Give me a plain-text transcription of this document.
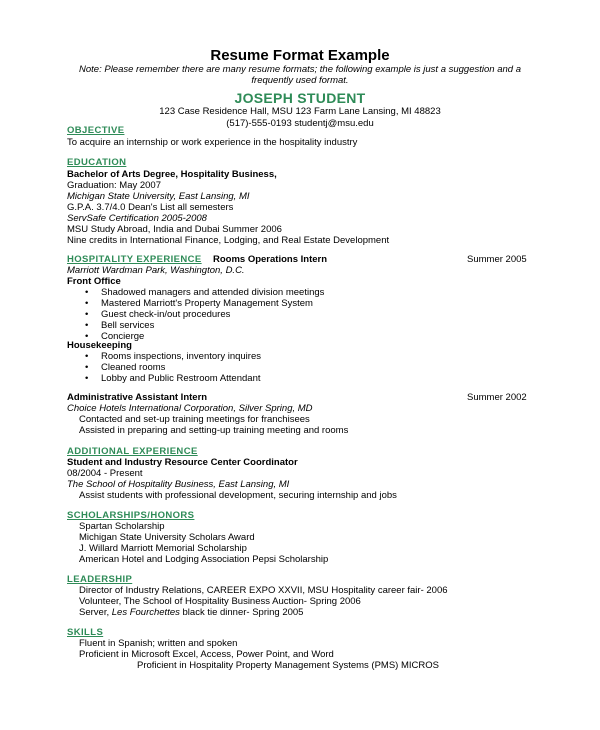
Resume Format Example
Note: Please remember there are many resume formats; the following example is just a suggestion and a frequently used format.
JOSEPH STUDENT
123 Case Residence Hall, MSU 123 Farm Lane Lansing, MI 48823
(517)-555-0193 studentj@msu.edu
OBJECTIVE
To acquire an internship or work experience in the hospitality industry
EDUCATION
Bachelor of Arts Degree, Hospitality Business,
Graduation: May 2007
Michigan State University, East Lansing, MI
G.P.A. 3.7/4.0 Dean's List all semesters
ServSafe Certification 2005-2008
MSU Study Abroad, India and Dubai Summer 2006
Nine credits in International Finance, Lodging, and Real Estate Development
HOSPITALITY EXPERIENCE Rooms Operations Intern	Summer 2005
Marriott Wardman Park, Washington, D.C.
Front Office
• Shadowed managers and attended division meetings
• Mastered Marriott's Property Management System
• Guest check-in/out procedures
• Bell services
• Concierge
Housekeeping
• Rooms inspections, inventory inquires
• Cleaned rooms
• Lobby and Public Restroom Attendant
Administrative Assistant Intern	Summer 2002
Choice Hotels International Corporation, Silver Spring, MD
Contacted and set-up training meetings for franchisees
Assisted in preparing and setting-up training meeting and rooms
ADDITIONAL EXPERIENCE
Student and Industry Resource Center Coordinator
08/2004 - Present
The School of Hospitality Business, East Lansing, MI
Assist students with professional development, securing internship and jobs
SCHOLARSHIPS/HONORS
Spartan Scholarship
Michigan State University Scholars Award
J. Willard Marriott Memorial Scholarship
American Hotel and Lodging Association Pepsi Scholarship
LEADERSHIP
Director of Industry Relations, CAREER EXPO XXVII, MSU Hospitality career fair- 2006
Volunteer, The School of Hospitality Business Auction- Spring 2006
Server, Les Fourchettes black tie dinner- Spring 2005
SKILLS
Fluent in Spanish; written and spoken
Proficient in Microsoft Excel, Access, Power Point, and Word
Proficient in Hospitality Property Management Systems (PMS) MICROS
